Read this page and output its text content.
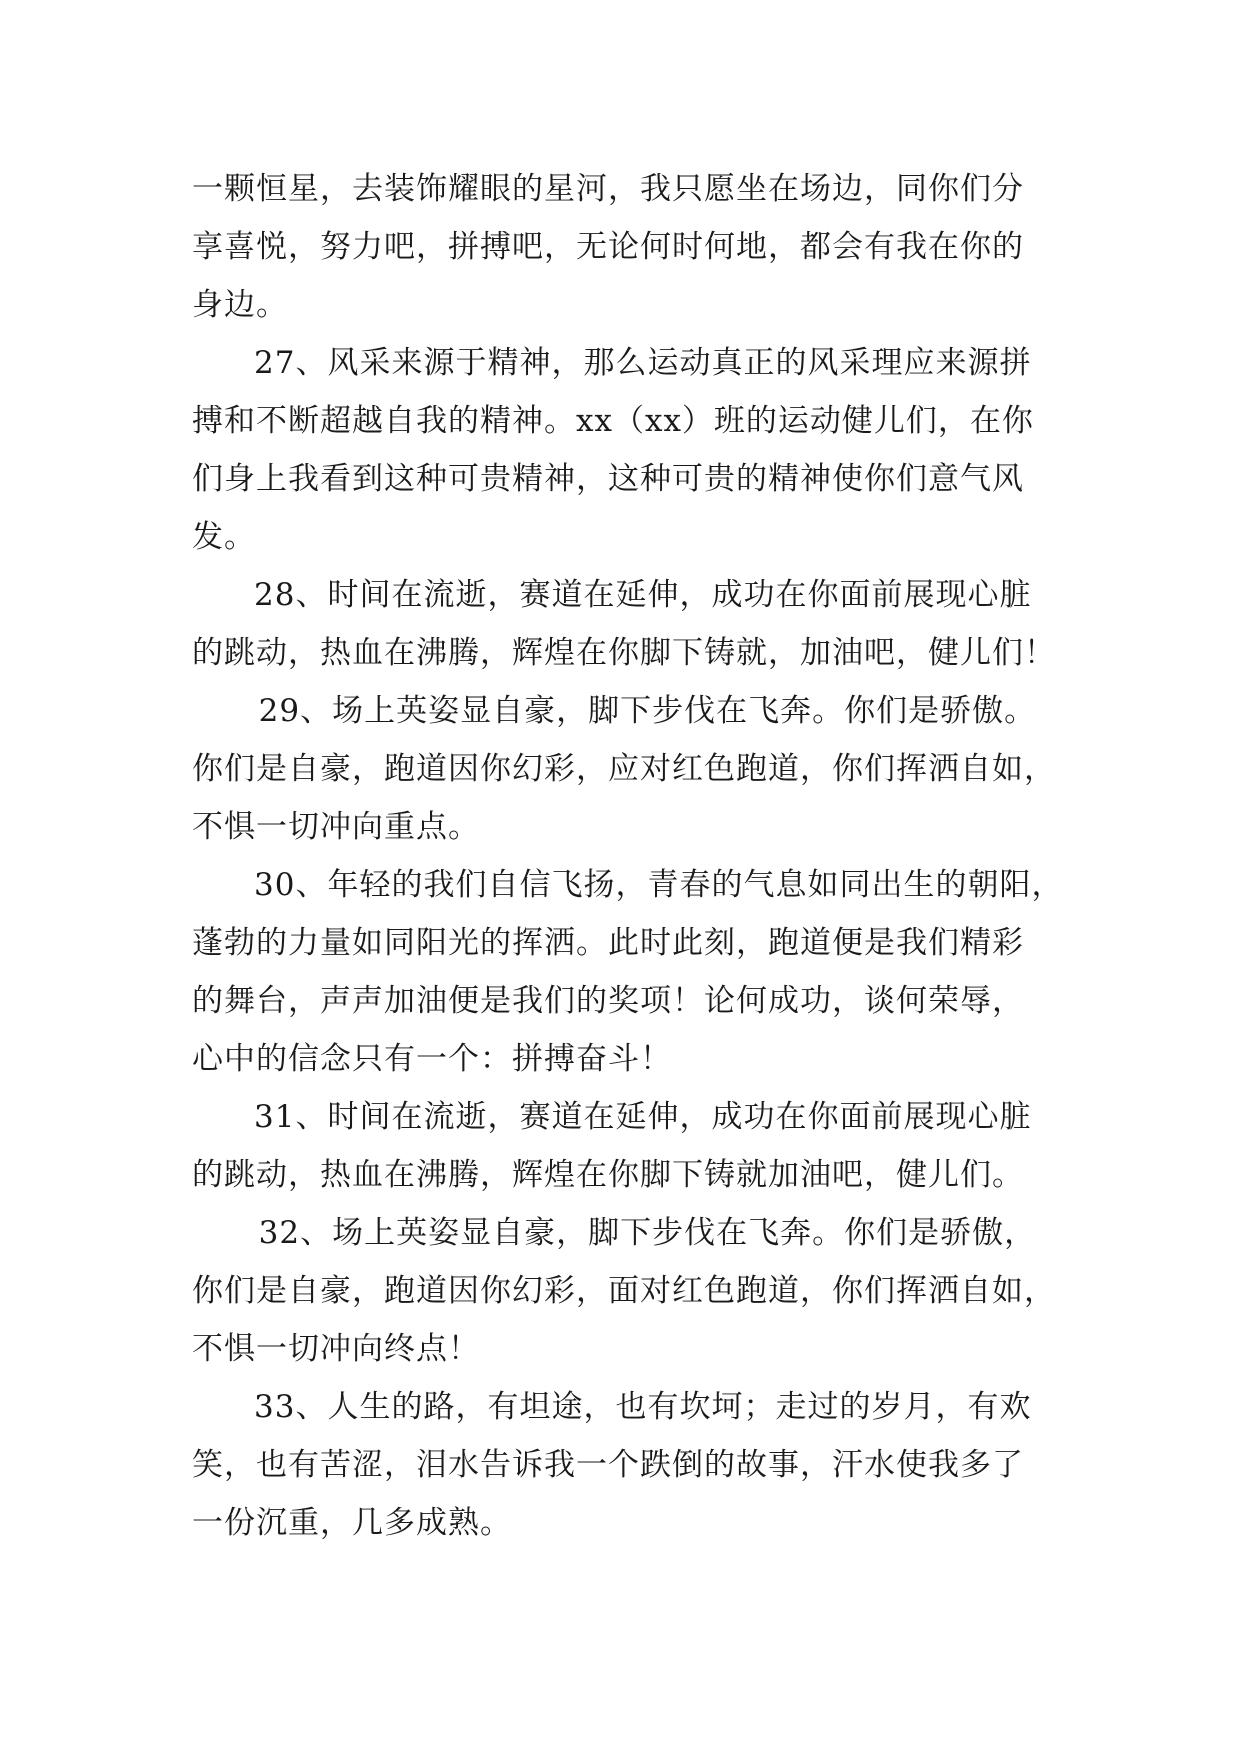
一颗恒星，去装饰耀眼的星河，我只愿坐在场边，同你们分
享喜悦，努力吧，拼搏吧，无论何时何地，都会有我在你的
身边。

27、风采来源于精神，那么运动真正的风采理应来源拼
搏和不断超越自我的精神。xx（xx）班的运动健儿们，在你
们身上我看到这种可贵精神，这种可贵的精神使你们意气风
发。

28、时间在流逝，赛道在延伸，成功在你面前展现心脏
的跳动，热血在沸腾，辉煌在你脚下铸就，加油吧，健儿们！

29、场上英姿显自豪，脚下步伐在飞奔。你们是骄傲。
你们是自豪，跑道因你幻彩，应对红色跑道，你们挥洒自如，
不惧一切冲向重点。

30、年轻的我们自信飞扬，青春的气息如同出生的朝阳，
蓬勃的力量如同阳光的挥洒。此时此刻，跑道便是我们精彩
的舞台，声声加油便是我们的奖项！论何成功，谈何荣辱，
心中的信念只有一个：拼搏奋斗！

31、时间在流逝，赛道在延伸，成功在你面前展现心脏
的跳动，热血在沸腾，辉煌在你脚下铸就加油吧，健儿们。

32、场上英姿显自豪，脚下步伐在飞奔。你们是骄傲，
你们是自豪，跑道因你幻彩，面对红色跑道，你们挥洒自如，
不惧一切冲向终点！

33、人生的路，有坦途，也有坎坷；走过的岁月，有欢
笑，也有苦涩，泪水告诉我一个跌倒的故事，汗水使我多了
一份沉重，几多成熟。
